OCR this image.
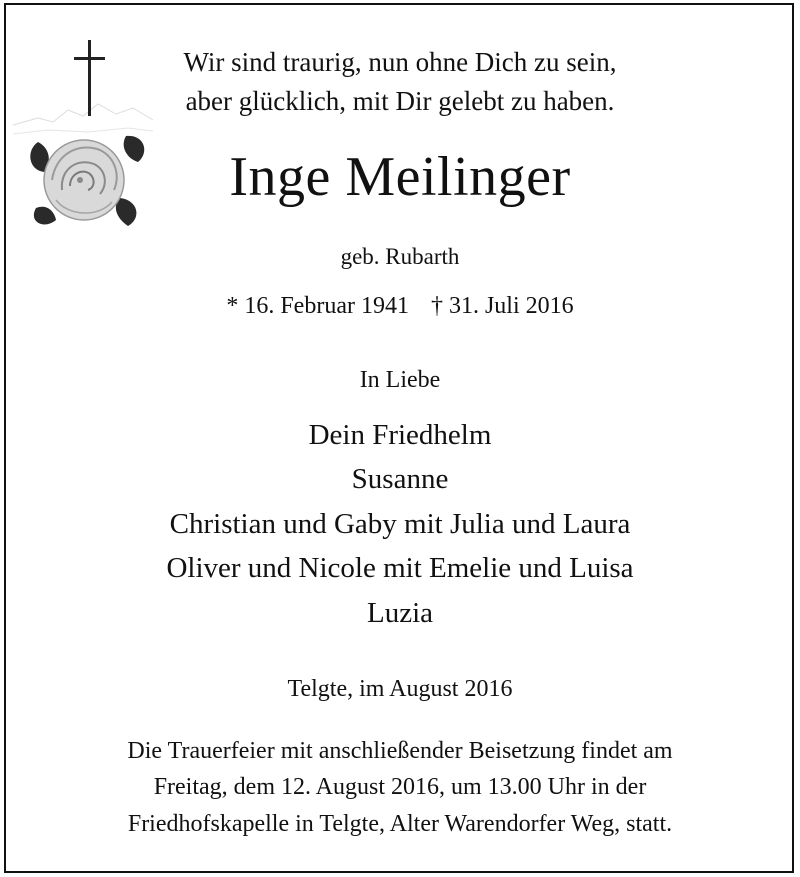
Wir sind traurig, nun ohne Dich zu sein,
aber glücklich, mit Dir gelebt zu haben.
Inge Meilinger
geb. Rubarth
* 16. Februar 1941 † 31. Juli 2016
In Liebe
Dein Friedhelm
Susanne
Christian und Gaby mit Julia und Laura
Oliver und Nicole mit Emelie und Luisa
Luzia
Telgte, im August 2016
Die Trauerfeier mit anschließender Beisetzung findet am
Freitag, dem 12. August 2016, um 13.00 Uhr in der
Friedhofskapelle in Telgte, Alter Warendorfer Weg, statt.
